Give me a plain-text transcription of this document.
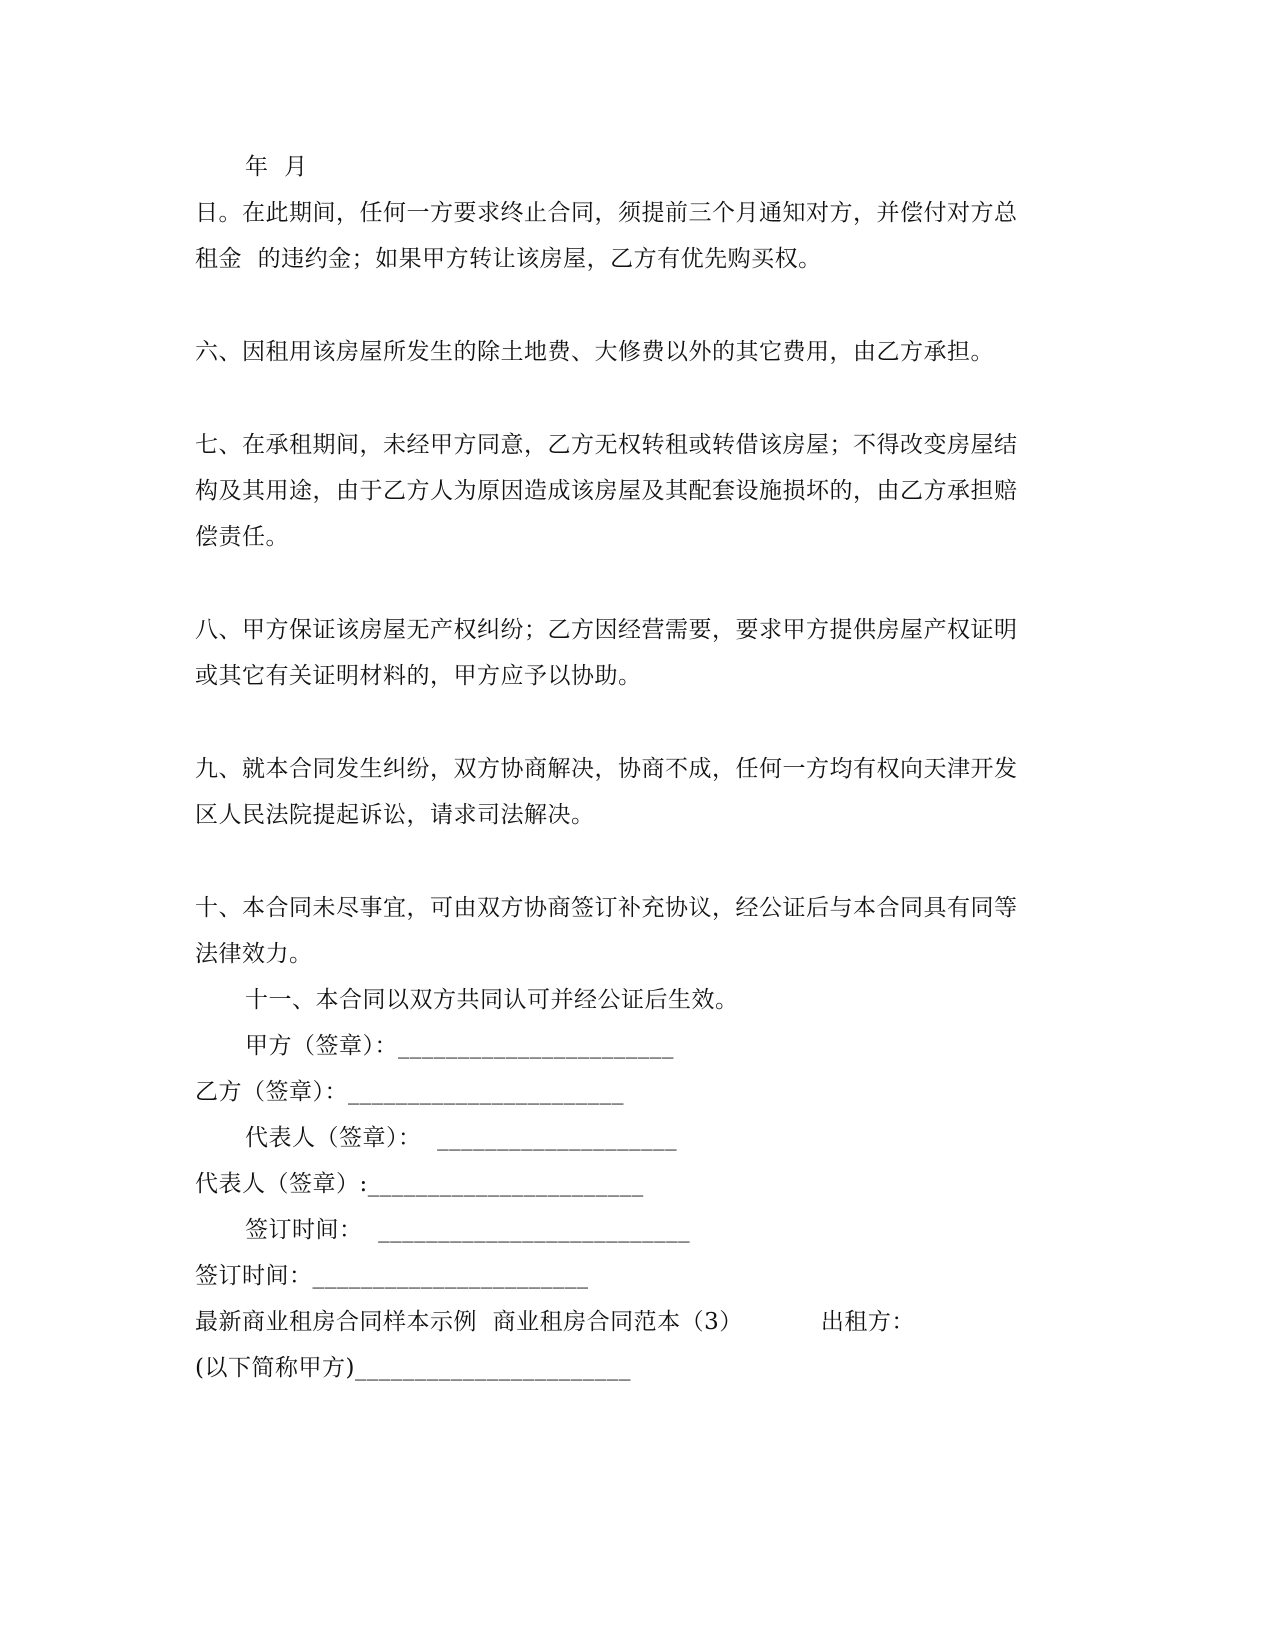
年  月
日。在此期间，任何一方要求终止合同，须提前三个月通知对方，并偿付对方总
租金  的违约金；如果甲方转让该房屋，乙方有优先购买权。
六、因租用该房屋所发生的除土地费、大修费以外的其它费用，由乙方承担。
七、在承租期间，未经甲方同意，乙方无权转租或转借该房屋；不得改变房屋结
构及其用途，由于乙方人为原因造成该房屋及其配套设施损坏的，由乙方承担赔
偿责任。
八、甲方保证该房屋无产权纠纷；乙方因经营需要，要求甲方提供房屋产权证明
或其它有关证明材料的，甲方应予以协助。
九、就本合同发生纠纷，双方协商解决，协商不成，任何一方均有权向天津开发
区人民法院提起诉讼，请求司法解决。
十、本合同未尽事宜，可由双方协商签订补充协议，经公证后与本合同具有同等
法律效力。
十一、本合同以双方共同认可并经公证后生效。
甲方（签章）：_______________________
乙方（签章）：_______________________
代表人（签章）：  ____________________
代表人（签章）:_______________________
签订时间：  __________________________
签订时间：_______________________
最新商业租房合同样本示例  商业租房合同范本（3）          出租方：
(以下简称甲方)_______________________
